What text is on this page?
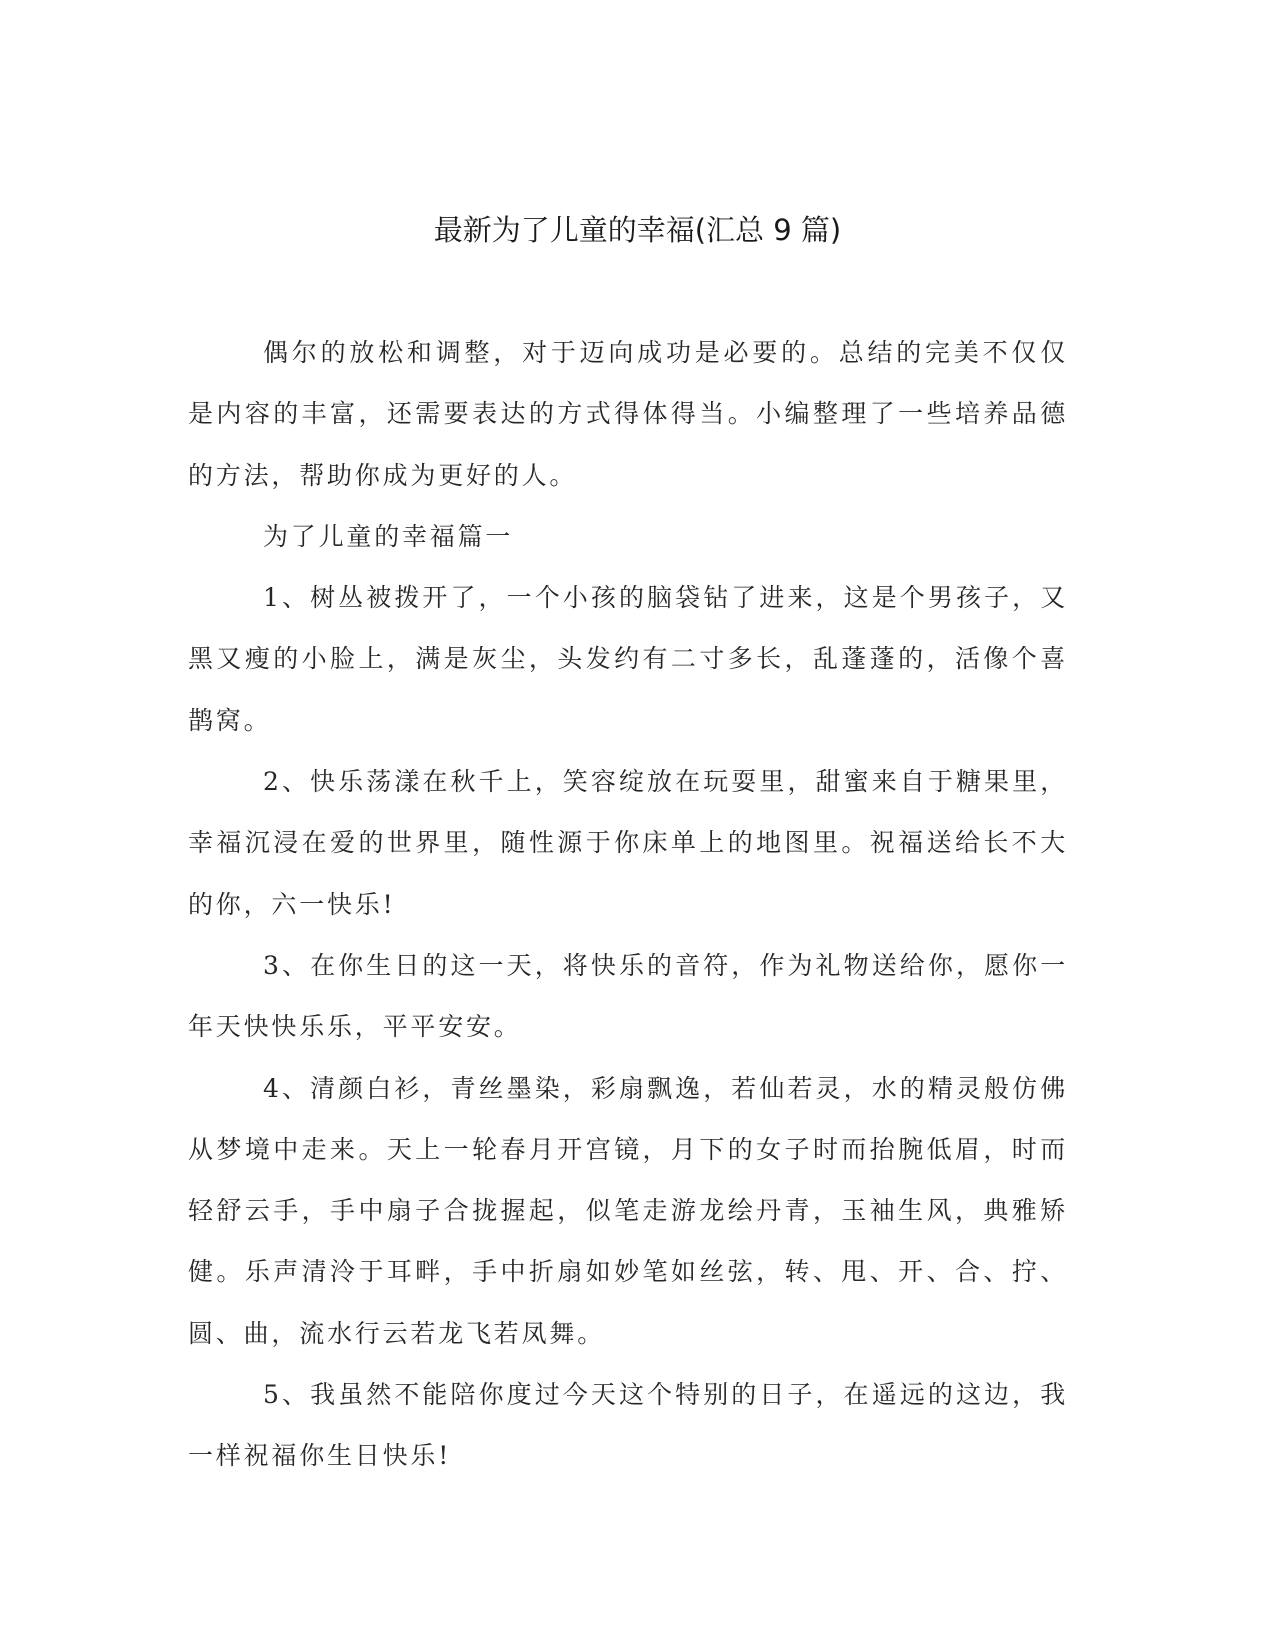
最新为了儿童的幸福(汇总 9 篇)

偶尔的放松和调整，对于迈向成功是必要的。总结的完美不仅仅是内容的丰富，还需要表达的方式得体得当。小编整理了一些培养品德的方法，帮助你成为更好的人。

为了儿童的幸福篇一

1、树丛被拨开了，一个小孩的脑袋钻了进来，这是个男孩子，又黑又瘦的小脸上，满是灰尘，头发约有二寸多长，乱蓬蓬的，活像个喜鹊窝。

2、快乐荡漾在秋千上，笑容绽放在玩耍里，甜蜜来自于糖果里，幸福沉浸在爱的世界里，随性源于你床单上的地图里。祝福送给长不大的你，六一快乐!

3、在你生日的这一天，将快乐的音符，作为礼物送给你，愿你一年天快快乐乐，平平安安。

4、清颜白衫，青丝墨染，彩扇飘逸，若仙若灵，水的精灵般仿佛从梦境中走来。天上一轮春月开宫镜，月下的女子时而抬腕低眉，时而轻舒云手，手中扇子合拢握起，似笔走游龙绘丹青，玉袖生风，典雅矫健。乐声清泠于耳畔，手中折扇如妙笔如丝弦，转、甩、开、合、拧、圆、曲，流水行云若龙飞若凤舞。

5、我虽然不能陪你度过今天这个特别的日子，在遥远的这边，我一样祝福你生日快乐!
